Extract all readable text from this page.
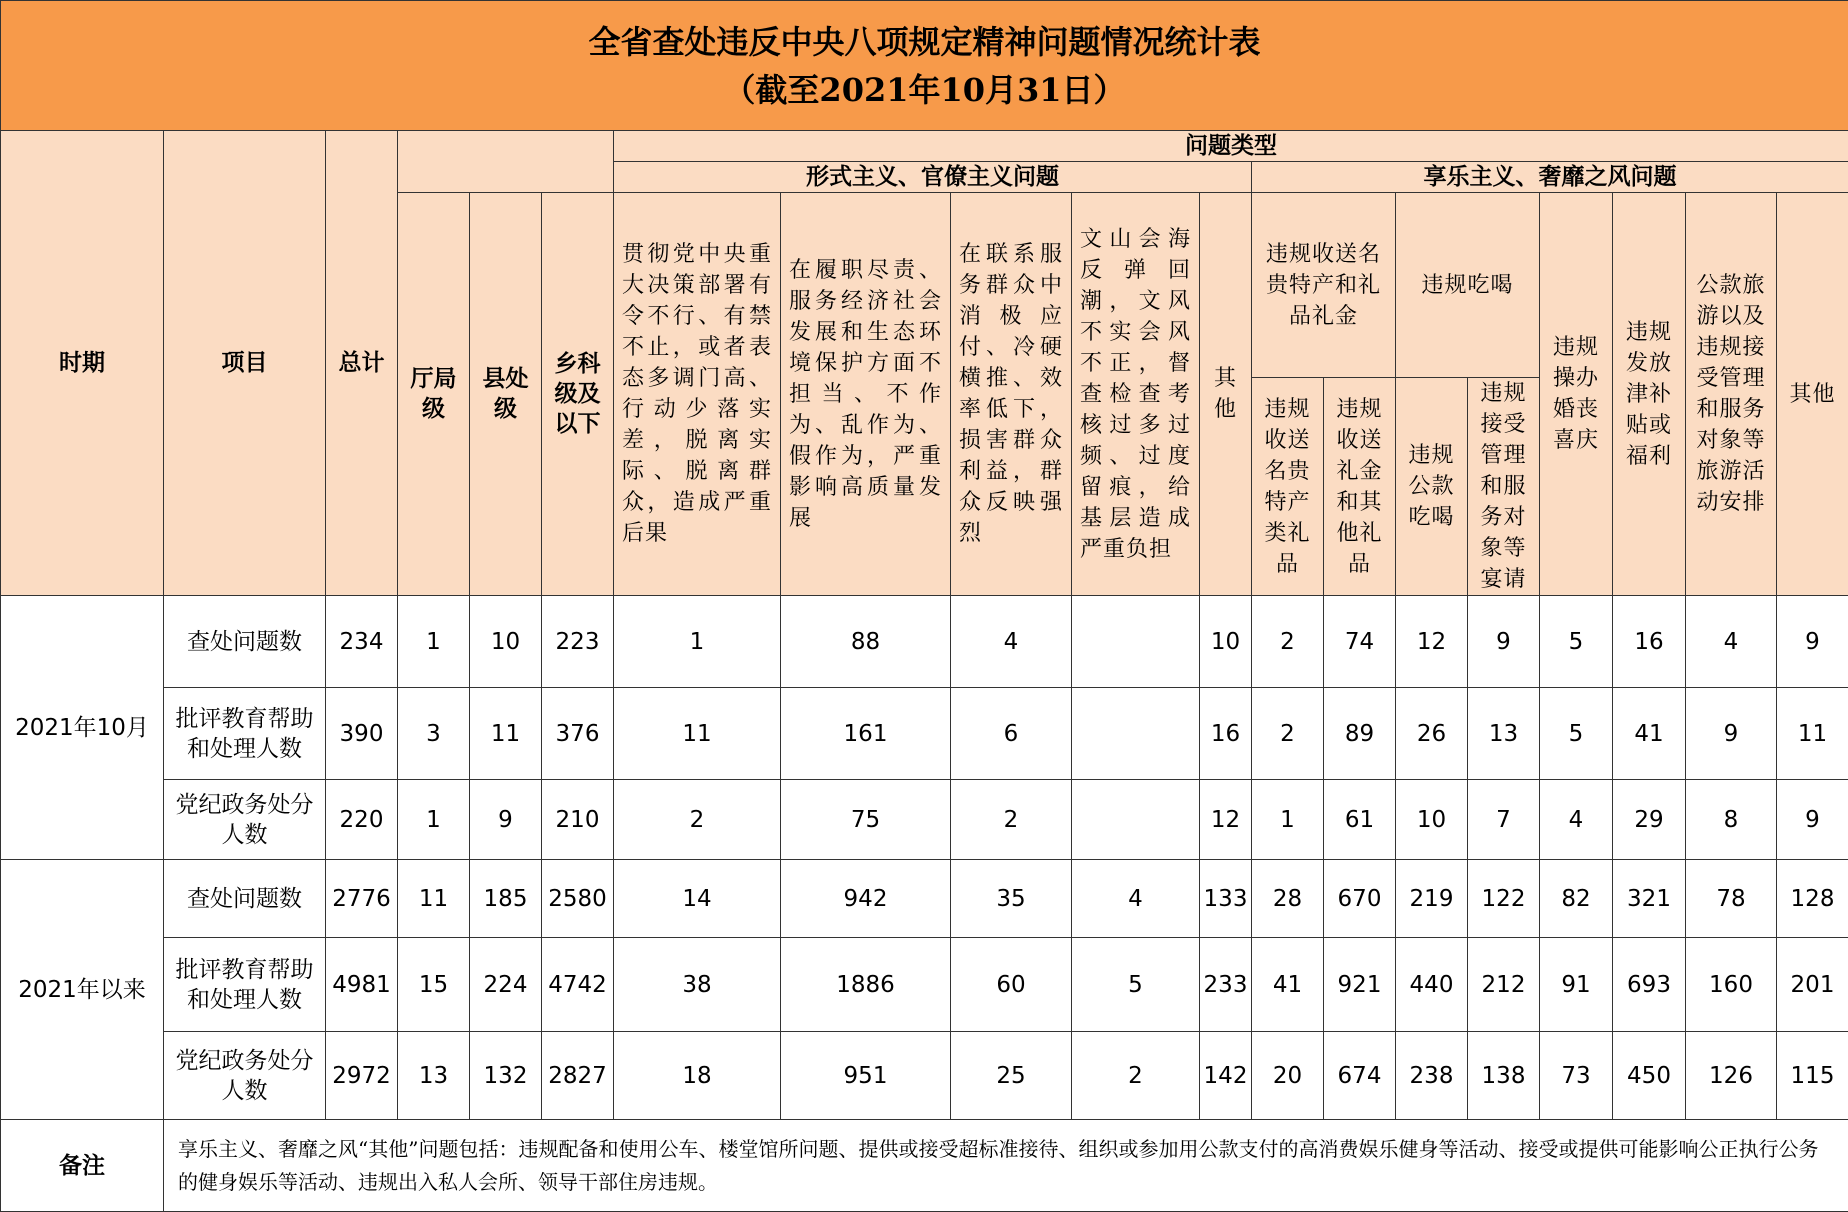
全省查处违反中央八项规定精神问题情况统计表
（截至2021年10月31日）																		

时期	项目	总计				问题类型												
						形式主义、官僚主义问题					享乐主义、奢靡之风问题							

			厅局级	县处级	乡科级及以下	贯彻党中央重大决策部署有令不行、有禁不止，或者表态多调门高、行动少落实差，脱离实际、脱离群众，造成严重后果	在履职尽责、服务经济社会发展和生态环境保护方面不担当、不作为、乱作为、假作为，严重影响高质量发展	在联系服务群众中消极应付、冷硬横推、效率低下，损害群众利益，群众反映强烈	文山会海反弹回潮，文风不实会风不正，督查检查考核过多过频、过度留痕，给基层造成严重负担	其他	违规收送名贵特产和礼品礼金		违规吃喝		违规操办婚丧喜庆	违规发放津补贴或福利	公款旅游以及违规接受管理和服务对象等旅游活动安排	其他

											违规收送名贵特产类礼品	违规收送礼金和其他礼品	违规公款吃喝	违规接受管理和服务对象等宴请				

2021年10月	查处问题数	234	1	10	223	1	88	4		10	2	74	12	9	5	16	4	9
	批评教育帮助和处理人数	390	3	11	376	11	161	6		16	2	89	26	13	5	41	9	11
	党纪政务处分人数	220	1	9	210	2	75	2		12	1	61	10	7	4	29	8	9
2021年以来	查处问题数	2776	11	185	2580	14	942	35	4	133	28	670	219	122	82	321	78	128
	批评教育帮助和处理人数	4981	15	224	4742	38	1886	60	5	233	41	921	440	212	91	693	160	201
	党纪政务处分人数	2972	13	132	2827	18	951	25	2	142	20	674	238	138	73	450	126	115
备注	享乐主义、奢靡之风“其他”问题包括：违规配备和使用公车、楼堂馆所问题、提供或接受超标准接待、组织或参加用公款支付的高消费娱乐健身等活动、接受或提供可能影响公正执行公务的健身娱乐等活动、违规出入私人会所、领导干部住房违规。																	
